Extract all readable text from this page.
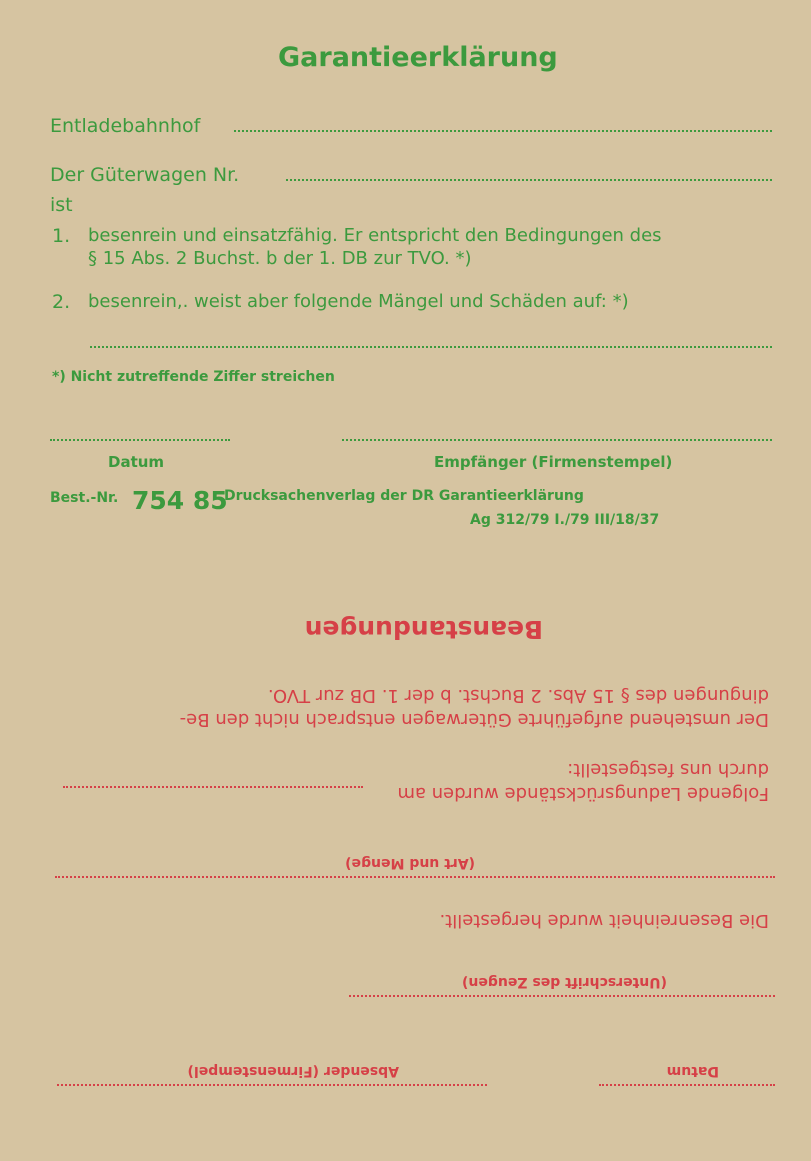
Garantieerklärung
Entladebahnhof
Der Güterwagen Nr.
ist
1. besenrein und einsatzfähig. Er entspricht den Bedingungen des
§ 15 Abs. 2 Buchst. b der 1. DB zur TVO. *)
2. besenrein,. weist aber folgende Mängel und Schäden auf: *)
*) Nicht zutreffende Ziffer streichen
Datum	Empfänger (Firmenstempel)
Best.-Nr. 754 85
Drucksachenverlag der DR Garantieerklärung
Ag 312/79 I./79 III/18/37
Beanstandungen
Der umstehend aufgeführte Güterwagen entsprach nicht den Be-
dingungen des § 15 Abs. 2 Buchst. b der 1. DB zur TVO.
Folgende Ladungsrückstände wurden am
durch uns festgestellt:
(Art und Menge)
Die Besenreinheit wurde hergestellt.
(Unterschrift des Zeugen)
Datum
Absender (Firmenstempel)
